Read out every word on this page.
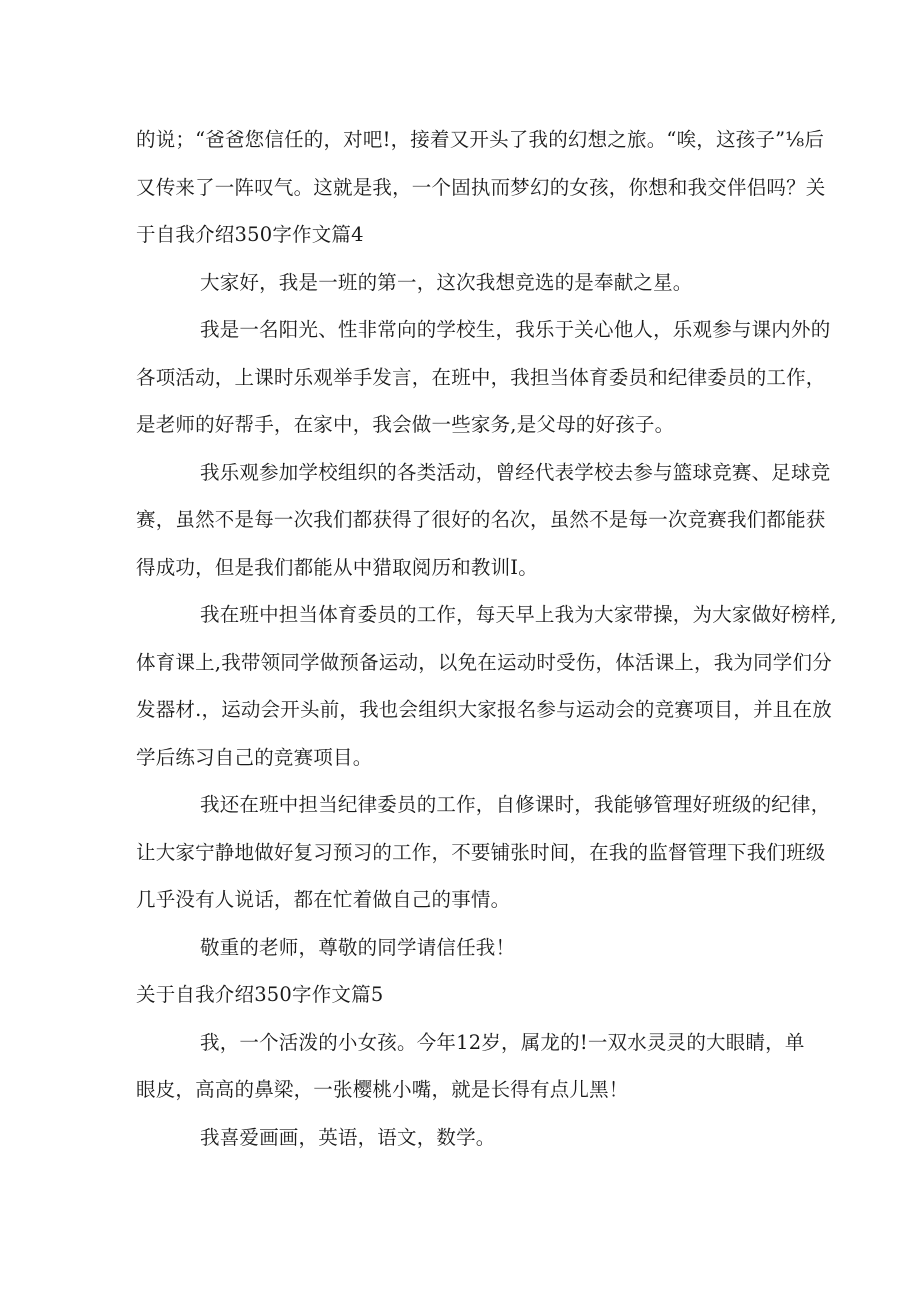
的说；“爸爸您信任的，对吧!，接着又开头了我的幻想之旅。“唉，这孩子”⅛后
又传来了一阵叹气。这就是我，一个固执而梦幻的女孩，你想和我交伴侣吗？关
于自我介绍350字作文篇4
大家好，我是一班的第一，这次我想竞选的是奉献之星。
我是一名阳光、性非常向的学校生，我乐于关心他人，乐观参与课内外的
各项活动，上课时乐观举手发言，在班中，我担当体育委员和纪律委员的工作，
是老师的好帮手，在家中，我会做一些家务,是父母的好孩子。
我乐观参加学校组织的各类活动，曾经代表学校去参与篮球竞赛、足球竞
赛，虽然不是每一次我们都获得了很好的名次，虽然不是每一次竞赛我们都能获
得成功，但是我们都能从中猎取阅历和教训I。
我在班中担当体育委员的工作，每天早上我为大家带操，为大家做好榜样,
体育课上,我带领同学做预备运动，以免在运动时受伤，体活课上，我为同学们分
发器材.，运动会开头前，我也会组织大家报名参与运动会的竞赛项目，并且在放
学后练习自己的竞赛项目。
我还在班中担当纪律委员的工作，自修课时，我能够管理好班级的纪律，
让大家宁静地做好复习预习的工作，不要铺张时间，在我的监督管理下我们班级
几乎没有人说话，都在忙着做自己的事情。
敬重的老师，尊敬的同学请信任我！
关于自我介绍350字作文篇5
我，一个活泼的小女孩。今年12岁，属龙的!一双水灵灵的大眼睛，单
眼皮，高高的鼻梁，一张樱桃小嘴，就是长得有点儿黑！
我喜爱画画，英语，语文，数学。
